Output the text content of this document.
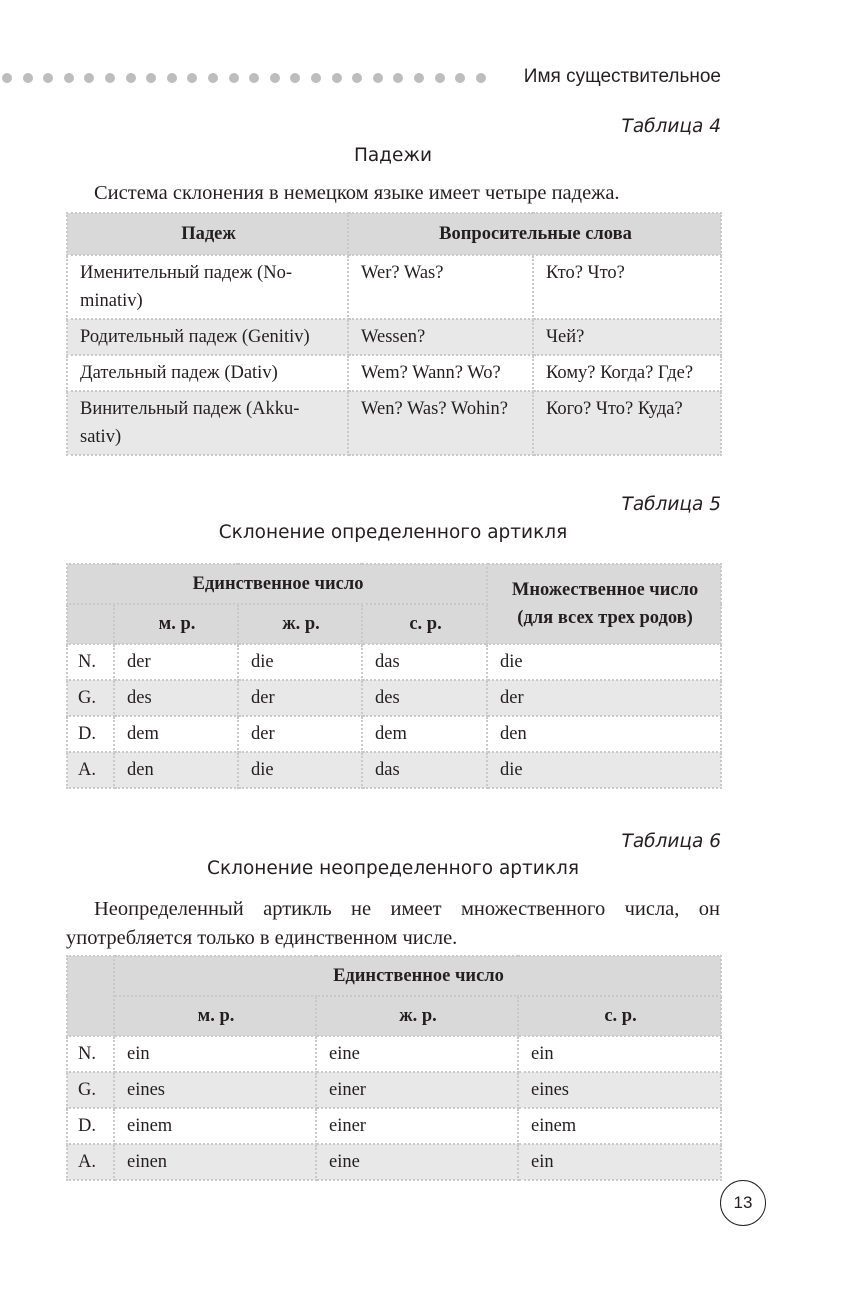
Имя существительное
Таблица 4
Падежи
Система склонения в немецком языке имеет четыре падежа.
Падеж	Вопросительные слова	
Именительный падеж (No-minativ)	Wer? Was?	Кто? Что?
Родительный падеж (Genitiv)	Wessen?	Чей?
Дательный падеж (Dativ)	Wem? Wann? Wo?	Кому? Когда? Где?
Винительный падеж (Akku-sativ)	Wen? Was? Wohin?	Кого? Что? Куда?
Таблица 5
Склонение определенного артикля
Единственное число				Множественное число (для всех трех родов)
	м. р.	ж. р.	с. р.	
N.	der	die	das	die
G.	des	der	des	der
D.	dem	der	dem	den
A.	den	die	das	die
Таблица 6
Склонение неопределенного артикля
Неопределенный артикль не имеет множественного числа, он употребляется только в единственном числе.
	Единственное число		
	м. р.	ж. р.	с. р.
N.	ein	eine	ein
G.	eines	einer	eines
D.	einem	einer	einem
A.	einen	eine	ein
13
